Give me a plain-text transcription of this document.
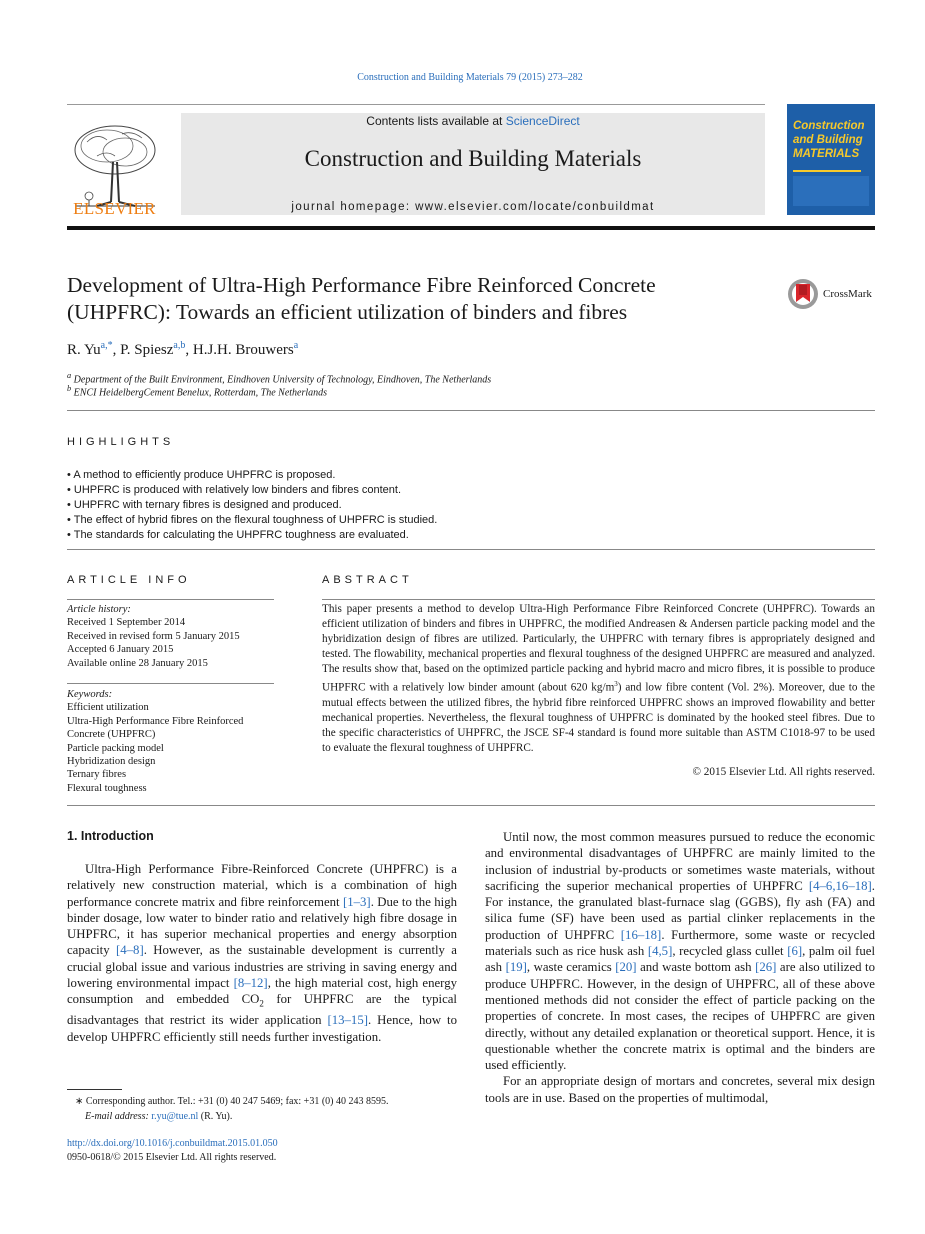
Construction and Building Materials 79 (2015) 273–282
ELSEVIER
Contents lists available at ScienceDirect
Construction and Building Materials
journal homepage: www.elsevier.com/locate/conbuildmat
Construction and Building MATERIALS
Development of Ultra-High Performance Fibre Reinforced Concrete
(UHPFRC): Towards an efficient utilization of binders and fibres
CrossMark
R. $Yu^{a,*}$, P. Spiesz$^{a,b}$, H.J.H. Brouwers$^a$
$^a$ Department of the Built Environment, Eindhoven University of Technology, Eindhoven, The Netherlands
$^b$ ENCI HeidelbergCement Benelux, Rotterdam, The Netherlands
HIGHLIGHTS
• A method to efficiently produce UHPFRC is proposed.
• UHPFRC is produced with relatively low binders and fibres content.
• UHPFRC with ternary fibres is designed and produced.
• The effect of hybrid fibres on the flexural toughness of UHPFRC is studied.
• The standards for calculating the UHPFRC toughness are evaluated.
ARTICLE INFO
Article history:
Received 1 September 2014
Received in revised form 5 January 2015
Accepted 6 January 2015
Available online 28 January 2015
Keywords:
Efficient utilization
Ultra-High Performance Fibre Reinforced
Concrete (UHPFRC)
Particle packing model
Hybridization design
Ternary fibres
Flexural toughness
ABSTRACT
This paper presents a method to develop Ultra-High Performance Fibre Reinforced Concrete (UHPFRC). Towards an efficient utilization of binders and fibres in UHPFRC, the modified Andreasen & Andersen particle packing model and the hybridization design of fibres are utilized. Particularly, the UHPFRC with ternary fibres is appropriately designed and tested. The flowability, mechanical properties and flexural toughness of the designed UHPFRC are measured and analyzed. The results show that, based on the optimized particle packing and hybrid macro and micro fibres, it is possible to produce UHPFRC with a relatively low binder amount (about 620 $kg/m^3$) and low fibre content (Vol. 2%). Moreover, due to the mutual effects between the utilized fibres, the hybrid fibre reinforced UHPFRC shows an improved flowability and better mechanical properties. Nevertheless, the flexural toughness of UHPFRC is dominated by the hooked steel fibres. Due to the specific characteristics of UHPFRC, the JSCE SF-4 standard is found more suitable than ASTM C1018-97 to be used to evaluate the flexural toughness of UHPFRC.
© 2015 Elsevier Ltd. All rights reserved.
1. Introduction

Ultra-High Performance Fibre-Reinforced Concrete (UHPFRC) is a relatively new construction material, which is a combination of high performance concrete matrix and fibre reinforcement [1–3]. Due to the high binder dosage, low water to binder ratio and relatively high fibre dosage in UHPFRC, it has superior mechanical properties and energy absorption capacity [4–8]. However, as the sustainable development is currently a crucial global issue and various industries are striving in saving energy and lowering environmental impact [8–12], the high material cost, high energy consumption and embedded $CO_2$ for UHPFRC are the typical disadvantages that restrict its wider application [13–15]. Hence, how to develop UHPFRC efficiently still needs further investigation.

Until now, the most common measures pursued to reduce the economic and environmental disadvantages of UHPFRC are mainly limited to the inclusion of industrial by-products or sometimes waste materials, without sacrificing the superior mechanical properties of UHPFRC [4–6,16–18]. For instance, the granulated blast-furnace slag (GGBS), fly ash (FA) and silica fume (SF) have been used as partial clinker replacements in the production of UHPFRC [16–18]. Furthermore, some waste or recycled materials such as rice husk ash [4,5], recycled glass cullet [6], palm oil fuel ash [19], waste ceramics [20] and waste bottom ash [26] are also utilized to produce UHPFRC. However, in the design of UHPFRC, all of these above mentioned methods did not consider the effect of particle packing on the properties of concrete. In most cases, the recipes of UHPFRC are given directly, without any detailed explanation or theoretical support. Hence, it is questionable whether the concrete matrix is optimal and the binders are used efficiently.

For an appropriate design of mortars and concretes, several mix design tools are in use. Based on the properties of multimodal,

∗ Corresponding author. Tel.: +31 (0) 40 247 5469; fax: +31 (0) 40 243 8595.
E-mail address: r.yu@tue.nl (R. Yu).
http://dx.doi.org/10.1016/j.conbuildmat.2015.01.050
0950-0618/© 2015 Elsevier Ltd. All rights reserved.
